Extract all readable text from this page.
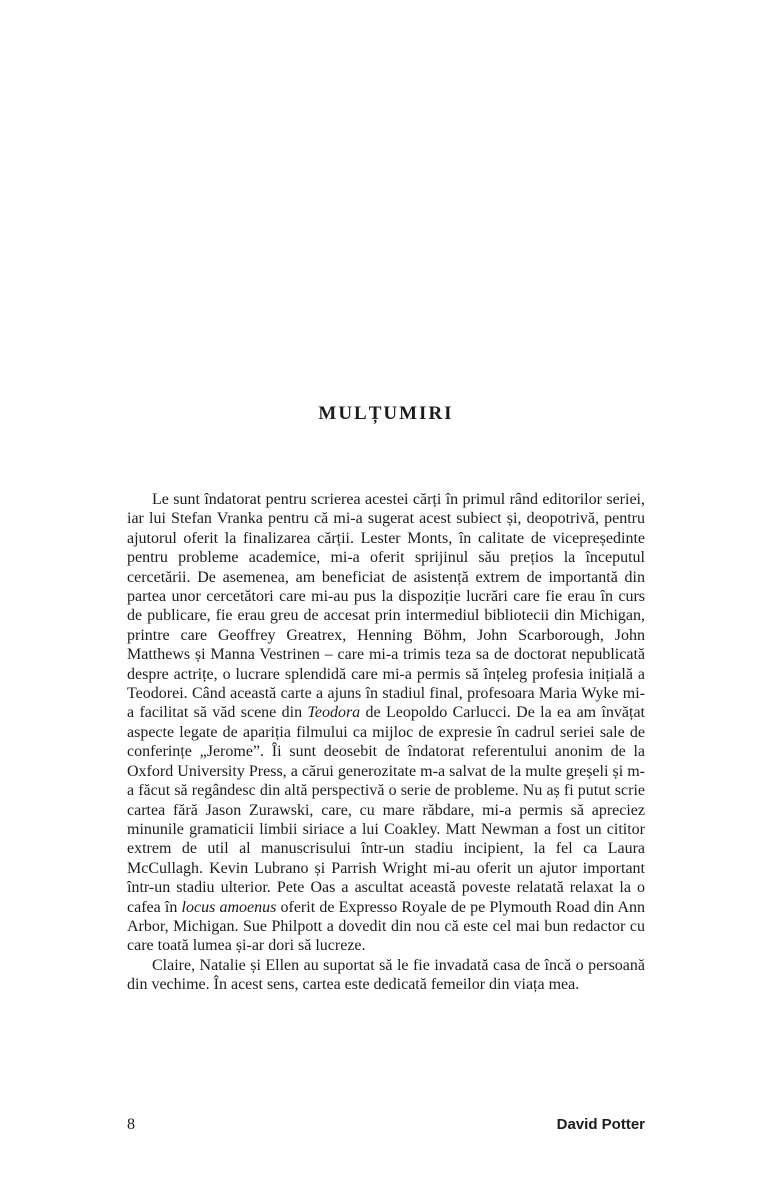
MULȚUMIRI

Le sunt îndatorat pentru scrierea acestei cărți în primul rând editorilor seriei, iar lui Stefan Vranka pentru că mi-a sugerat acest subiect și, deopotrivă, pentru ajutorul oferit la finalizarea cărții. Lester Monts, în calitate de vicepreședinte pentru probleme academice, mi-a oferit sprijinul său prețios la începutul cercetării. De asemenea, am beneficiat de asistență extrem de importantă din partea unor cercetători care mi-au pus la dispoziție lucrări care fie erau în curs de publicare, fie erau greu de accesat prin intermediul bibliotecii din Michigan, printre care Geoffrey Greatrex, Henning Böhm, John Scarborough, John Matthews și Manna Vestrinen – care mi-a trimis teza sa de doctorat nepublicată despre actrițe, o lucrare splendidă care mi-a permis să înțeleg profesia inițială a Teodorei. Când această carte a ajuns în stadiul final, profesoara Maria Wyke mi-a facilitat să văd scene din Teodora de Leopoldo Carlucci. De la ea am învățat aspecte legate de apariția filmului ca mijloc de expresie în cadrul seriei sale de conferințe „Jerome”. Îi sunt deosebit de îndatorat referentului anonim de la Oxford University Press, a cărui generozitate m-a salvat de la multe greșeli și m-a făcut să regândesc din altă perspectivă o serie de probleme. Nu aș fi putut scrie cartea fără Jason Zurawski, care, cu mare răbdare, mi-a permis să apreciez minunile gramaticii limbii siriace a lui Coakley. Matt Newman a fost un cititor extrem de util al manuscrisului într-un stadiu incipient, la fel ca Laura McCullagh. Kevin Lubrano și Parrish Wright mi-au oferit un ajutor important într-un stadiu ulterior. Pete Oas a ascultat această poveste relatată relaxat la o cafea în locus amoenus oferit de Expresso Royale de pe Plymouth Road din Ann Arbor, Michigan. Sue Philpott a dovedit din nou că este cel mai bun redactor cu care toată lumea și-ar dori să lucreze.

Claire, Natalie și Ellen au suportat să le fie invadată casa de încă o persoană din vechime. În acest sens, cartea este dedicată femeilor din viața mea.

8	David Potter
